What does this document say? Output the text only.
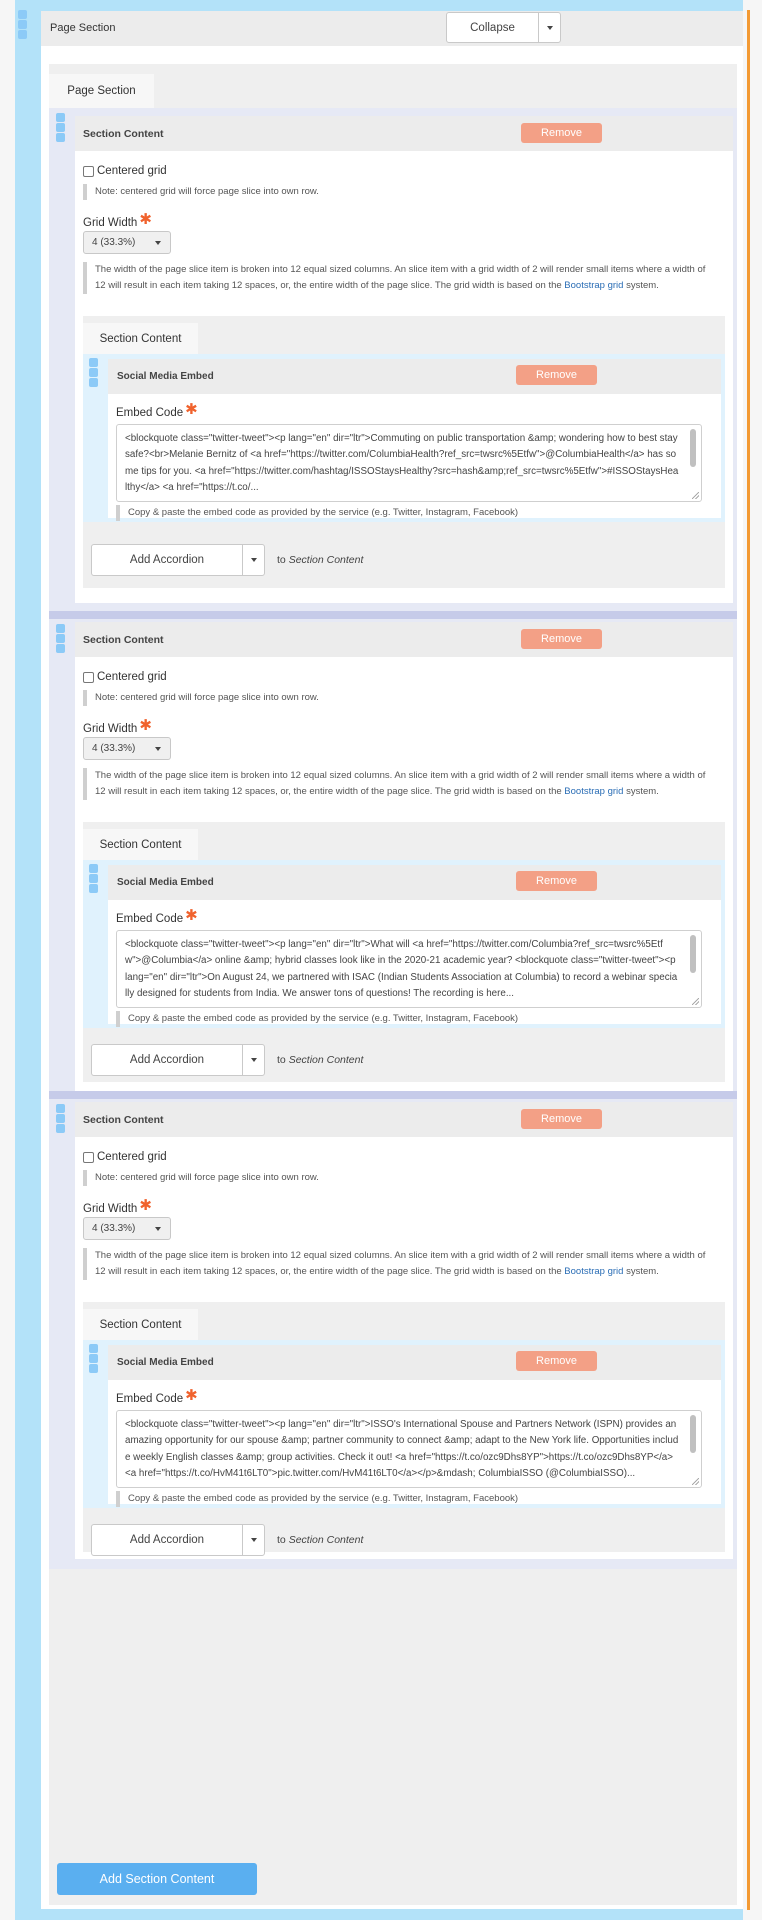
Page Section	Collapse
Page Section
Section Content	Remove
Centered grid
Note: centered grid will force page slice into own row.
Grid Width ✱
4 (33.3%)
The width of the page slice item is broken into 12 equal sized columns. An slice item with a grid width of 2 will render small items where a width of 12 will result in each item taking 12 spaces, or, the entire width of the page slice. The grid width is based on the Bootstrap grid system.
Section Content
Social Media Embed	Remove
Embed Code ✱
<blockquote class="twitter-tweet"><p lang="en" dir="ltr">Commuting on public transportation &amp; wondering how to best stay safe?<br>Melanie Bernitz of <a href="https://twitter.com/ColumbiaHealth?ref_src=twsrc%5Etfw">@ColumbiaHealth</a> has some tips for you. <a href="https://twitter.com/hashtag/ISSOStaysHealthy?src=hash&amp;ref_src=twsrc%5Etfw">#ISSOStaysHealthy</a> <a href="https://t.co/...
Copy & paste the embed code as provided by the service (e.g. Twitter, Instagram, Facebook)
Add Accordion	to Section Content
Section Content	Remove
Centered grid
Note: centered grid will force page slice into own row.
Grid Width ✱
4 (33.3%)
The width of the page slice item is broken into 12 equal sized columns. An slice item with a grid width of 2 will render small items where a width of 12 will result in each item taking 12 spaces, or, the entire width of the page slice. The grid width is based on the Bootstrap grid system.
Section Content
Social Media Embed	Remove
Embed Code ✱
<blockquote class="twitter-tweet"><p lang="en" dir="ltr">What will <a href="https://twitter.com/Columbia?ref_src=twsrc%5Etfw">@Columbia</a> online &amp; hybrid classes look like in the 2020-21 academic year? <blockquote class="twitter-tweet"><p lang="en" dir="ltr">On August 24, we partnered with ISAC (Indian Students Association at Columbia) to record a webinar specially designed for students from India. We answer tons of questions! The recording is here...
Copy & paste the embed code as provided by the service (e.g. Twitter, Instagram, Facebook)
Add Accordion	to Section Content
Section Content	Remove
Centered grid
Note: centered grid will force page slice into own row.
Grid Width ✱
4 (33.3%)
The width of the page slice item is broken into 12 equal sized columns. An slice item with a grid width of 2 will render small items where a width of 12 will result in each item taking 12 spaces, or, the entire width of the page slice. The grid width is based on the Bootstrap grid system.
Section Content
Social Media Embed	Remove
Embed Code ✱
<blockquote class="twitter-tweet"><p lang="en" dir="ltr">ISSO's International Spouse and Partners Network (ISPN) provides an amazing opportunity for our spouse &amp; partner community to connect &amp; adapt to the New York life. Opportunities include weekly English classes &amp; group activities. Check it out! <a href="https://t.co/ozc9Dhs8YP">https://t.co/ozc9Dhs8YP</a> <a href="https://t.co/HvM41t6LT0">pic.twitter.com/HvM41t6LT0</a></p>&mdash; ColumbiaISSO (@ColumbiaISSO)...
Copy & paste the embed code as provided by the service (e.g. Twitter, Instagram, Facebook)
Add Accordion	to Section Content
Add Section Content
